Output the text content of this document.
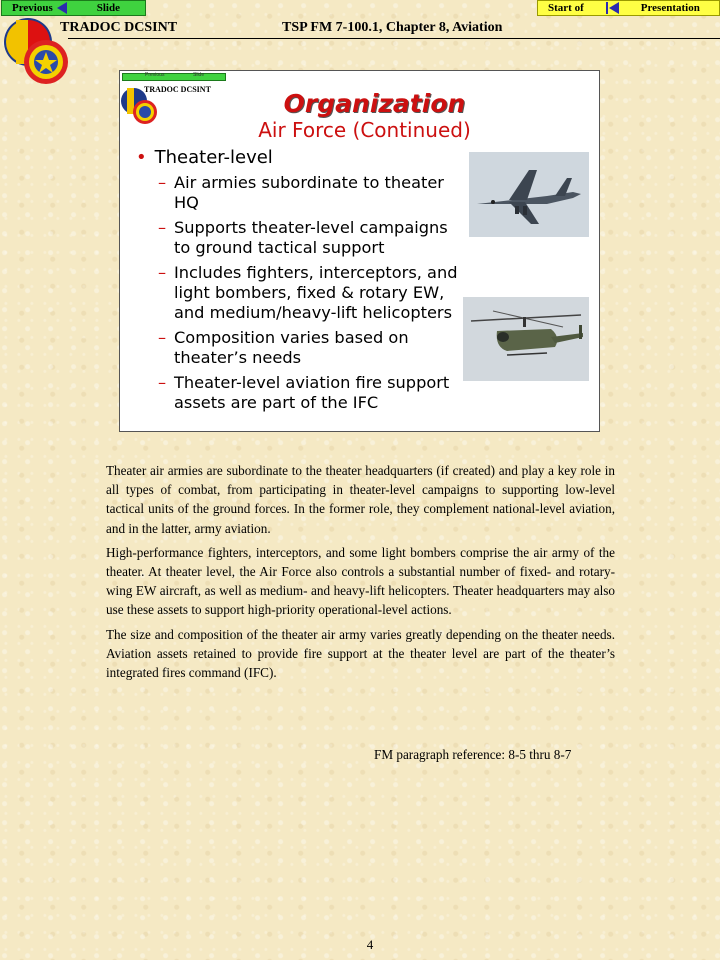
Previous	Slide	Start of	Presentation
TRADOC DCSINT	TSP FM 7-100.1, Chapter 8, Aviation
Previous	Slide
TRADOC DCSINT	Organization
Air Force (Continued)
• Theater-level
– Air armies subordinate to theater HQ
– Supports theater-level campaigns to ground tactical support
– Includes fighters, interceptors, and light bombers, fixed & rotary EW, and medium/heavy-lift helicopters
– Composition varies based on theater’s needs
– Theater-level aviation fire support assets are part of the IFC

Theater air armies are subordinate to the theater headquarters (if created) and play a key role in all types of combat, from participating in theater-level campaigns to supporting low-level tactical units of the ground forces. In the former role, they complement national-level aviation, and in the latter, army aviation.

High-performance fighters, interceptors, and some light bombers comprise the air army of the theater. At theater level, the Air Force also controls a substantial number of fixed- and rotary-wing EW aircraft, as well as medium- and heavy-lift helicopters. Theater headquarters may also use these assets to support high-priority operational-level actions.

The size and composition of the theater air army varies greatly depending on the theater needs. Aviation assets retained to provide fire support at the theater level are part of the theater’s integrated fires command (IFC).

FM paragraph reference: 8-5 thru 8-7
4
